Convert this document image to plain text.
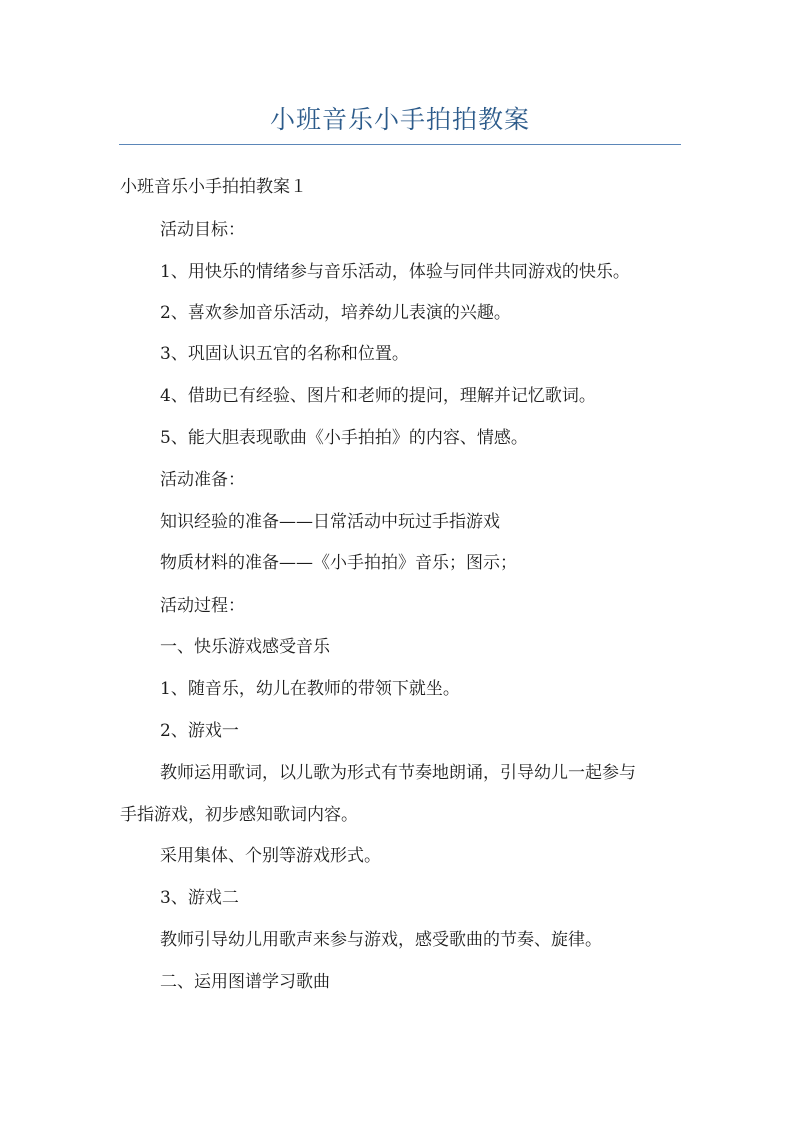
小班音乐小手拍拍教案
小班音乐小手拍拍教案１
活动目标：
1、用快乐的情绪参与音乐活动，体验与同伴共同游戏的快乐。
2、喜欢参加音乐活动，培养幼儿表演的兴趣。
3、巩固认识五官的名称和位置。
4、借助已有经验、图片和老师的提问，理解并记忆歌词。
5、能大胆表现歌曲《小手拍拍》的内容、情感。
活动准备：
知识经验的准备——日常活动中玩过手指游戏
物质材料的准备——《小手拍拍》音乐；图示；
活动过程：
一、快乐游戏感受音乐
1、随音乐，幼儿在教师的带领下就坐。
2、游戏一
教师运用歌词，以儿歌为形式有节奏地朗诵，引导幼儿一起参与
手指游戏，初步感知歌词内容。
采用集体、个别等游戏形式。
3、游戏二
教师引导幼儿用歌声来参与游戏，感受歌曲的节奏、旋律。
二、运用图谱学习歌曲
